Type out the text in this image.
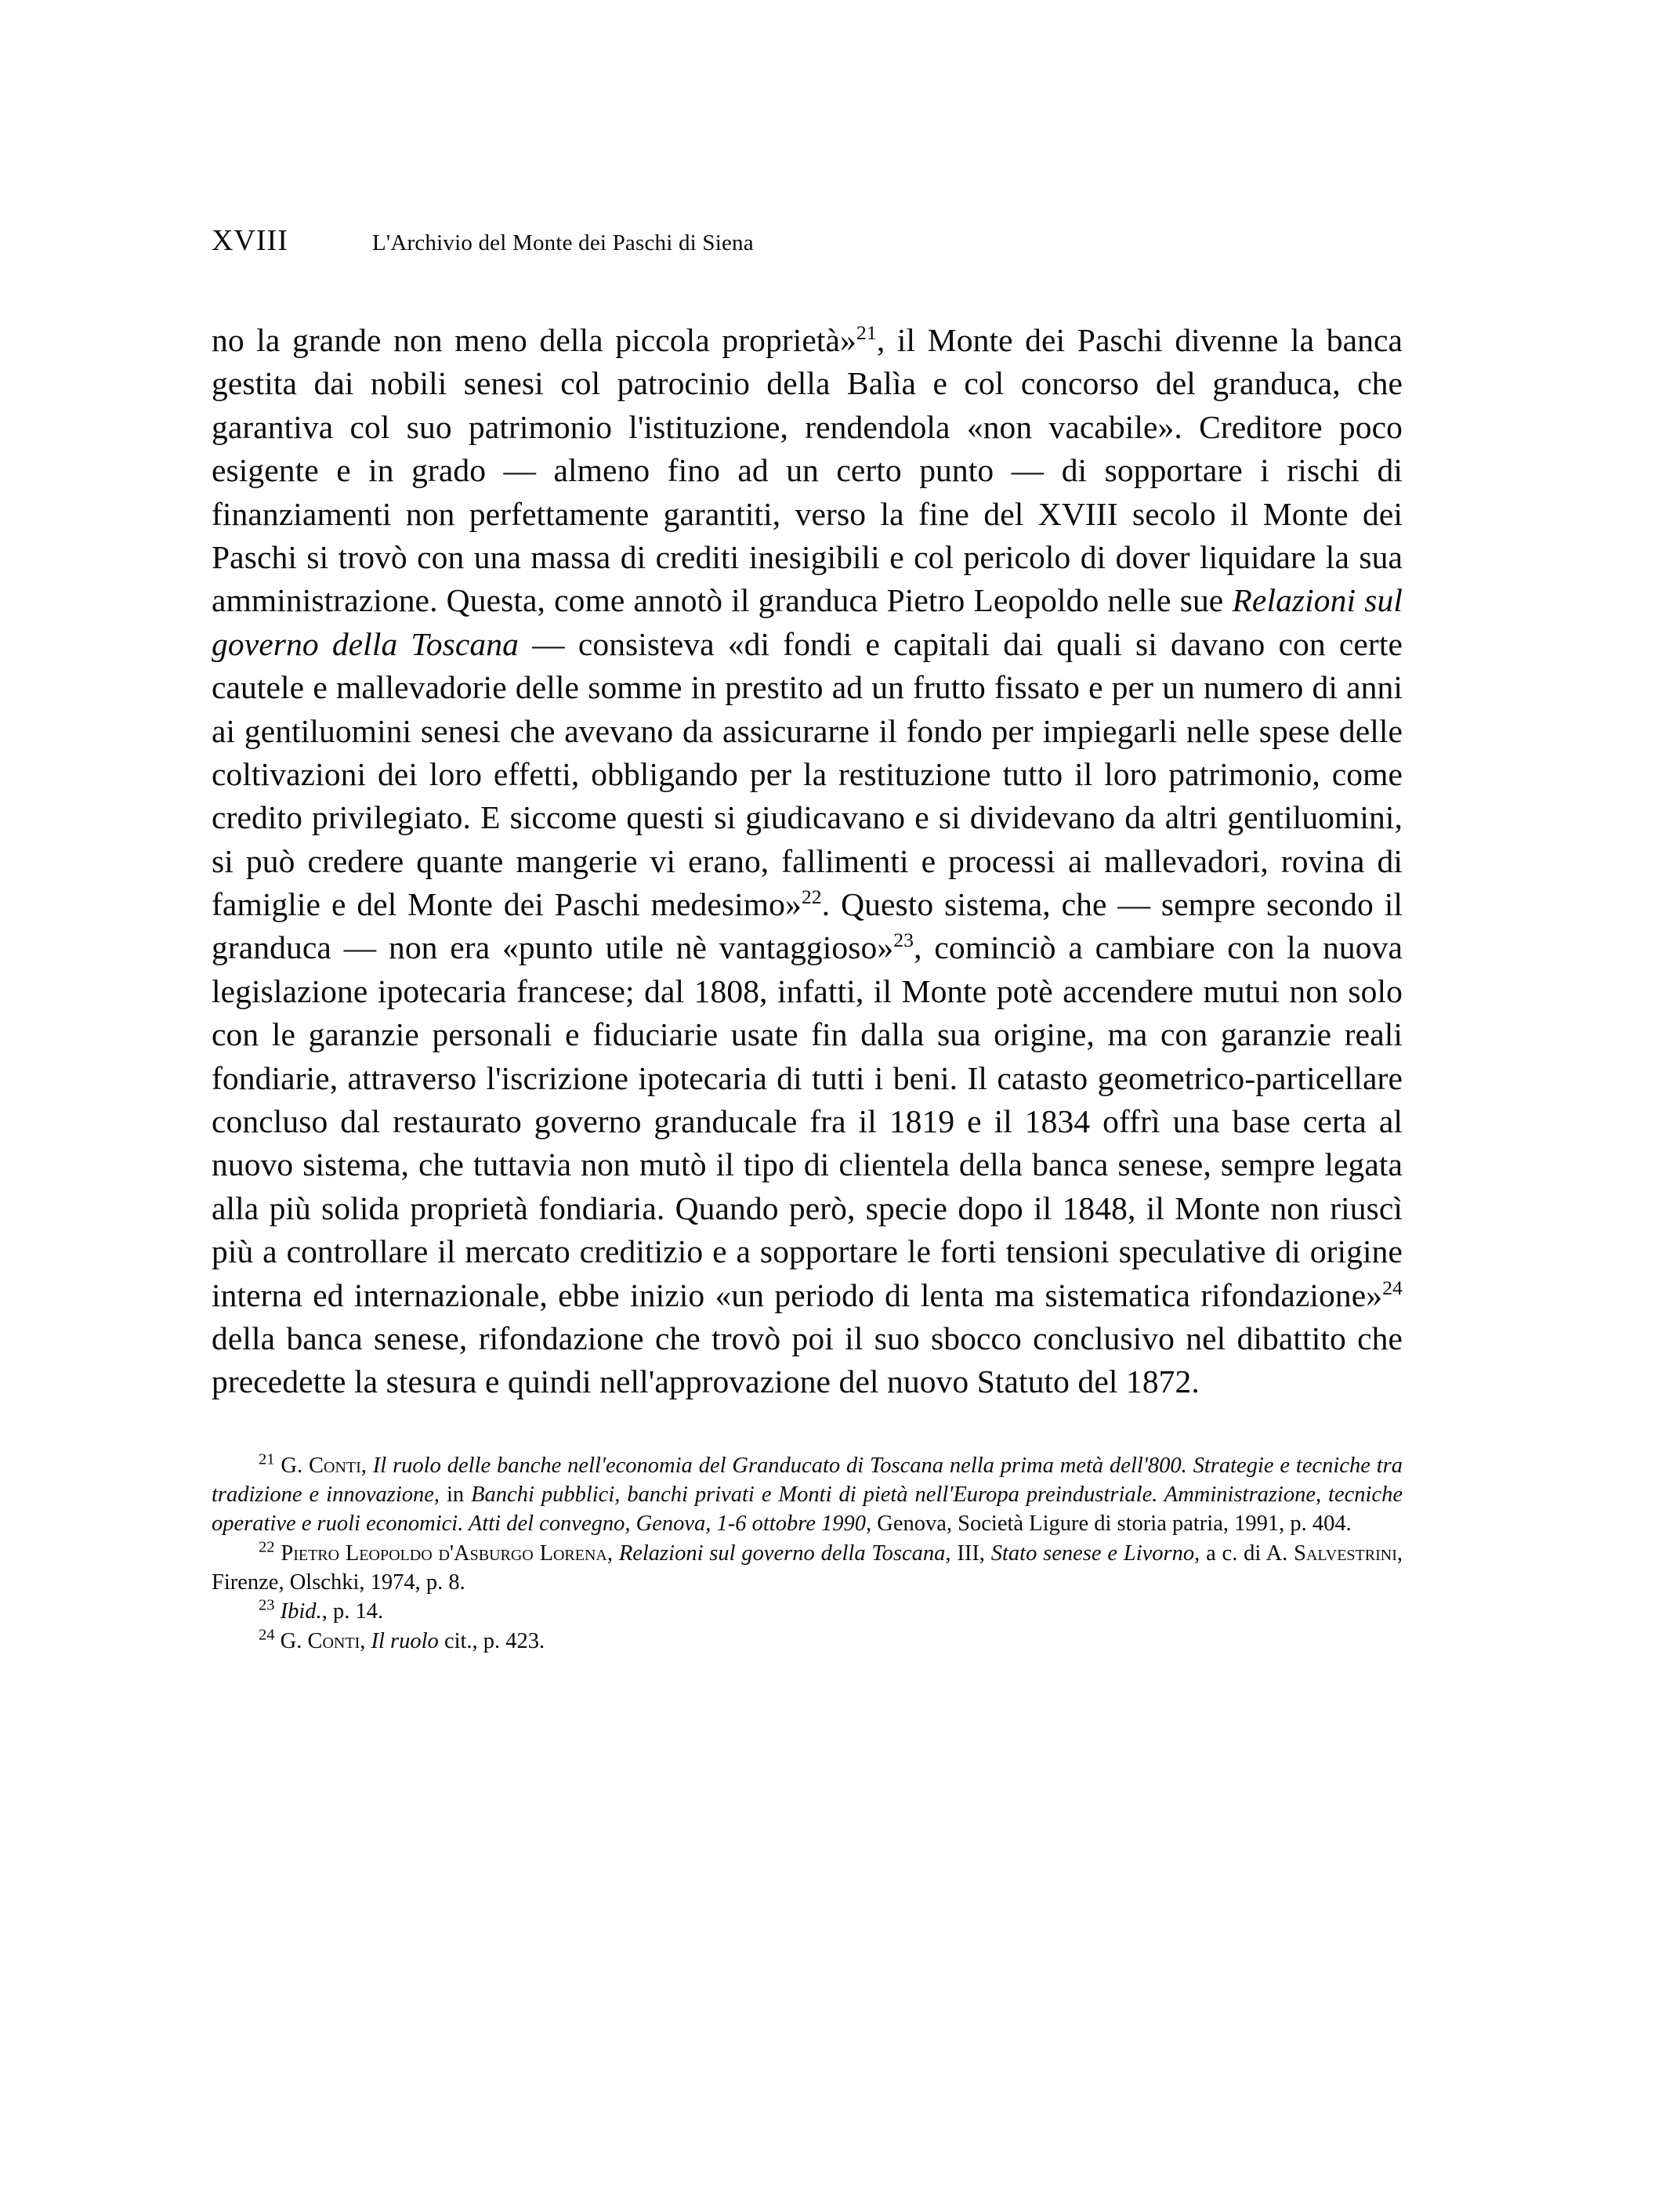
XVIII	L'Archivio del Monte dei Paschi di Siena

no la grande non meno della piccola proprietà»$^{21}$, il Monte dei Paschi divenne la banca gestita dai nobili senesi col patrocinio della Balìa e col concorso del granduca, che garantiva col suo patrimonio l'istituzione, rendendola «non vacabile». Creditore poco esigente e in grado — almeno fino ad un certo punto — di sopportare i rischi di finanziamenti non perfettamente garantiti, verso la fine del XVIII secolo il Monte dei Paschi si trovò con una massa di crediti inesigibili e col pericolo di dover liquidare la sua amministrazione. Questa, come annotò il granduca Pietro Leopoldo nelle sue Relazioni sul governo della Toscana — consisteva «di fondi e capitali dai quali si davano con certe cautele e mallevadorie delle somme in prestito ad un frutto fissato e per un numero di anni ai gentiluomini senesi che avevano da assicurarne il fondo per impiegarli nelle spese delle coltivazioni dei loro effetti, obbligando per la restituzione tutto il loro patrimonio, come credito privilegiato. E siccome questi si giudicavano e si dividevano da altri gentiluomini, si può credere quante mangerie vi erano, fallimenti e processi ai mallevadori, rovina di famiglie e del Monte dei Paschi medesimo»$^{22}$. Questo sistema, che — sempre secondo il granduca — non era «punto utile nè vantaggioso»$^{23}$, cominciò a cambiare con la nuova legislazione ipotecaria francese; dal 1808, infatti, il Monte potè accendere mutui non solo con le garanzie personali e fiduciarie usate fin dalla sua origine, ma con garanzie reali fondiarie, attraverso l'iscrizione ipotecaria di tutti i beni. Il catasto geometrico-particellare concluso dal restaurato governo granducale fra il 1819 e il 1834 offrì una base certa al nuovo sistema, che tuttavia non mutò il tipo di clientela della banca senese, sempre legata alla più solida proprietà fondiaria. Quando però, specie dopo il 1848, il Monte non riuscì più a controllare il mercato creditizio e a sopportare le forti tensioni speculative di origine interna ed internazionale, ebbe inizio «un periodo di lenta ma sistematica rifondazione»$^{24}$ della banca senese, rifondazione che trovò poi il suo sbocco conclusivo nel dibattito che precedette la stesura e quindi nell'approvazione del nuovo Statuto del 1872.

$^{21}$ G. Conti, Il ruolo delle banche nell'economia del Granducato di Toscana nella prima metà dell'800. Strategie e tecniche tra tradizione e innovazione, in Banchi pubblici, banchi privati e Monti di pietà nell'Europa preindustriale. Amministrazione, tecniche operative e ruoli economici. Atti del convegno, Genova, 1-6 ottobre 1990, Genova, Società Ligure di storia patria, 1991, p. 404.

$^{22}$ Pietro Leopoldo d'Asburgo Lorena, Relazioni sul governo della Toscana, III, Stato senese e Livorno, a c. di A. Salvestrini, Firenze, Olschki, 1974, p. 8.

$^{23}$ Ibid., p. 14.

$^{24}$ G. Conti, Il ruolo cit., p. 423.
